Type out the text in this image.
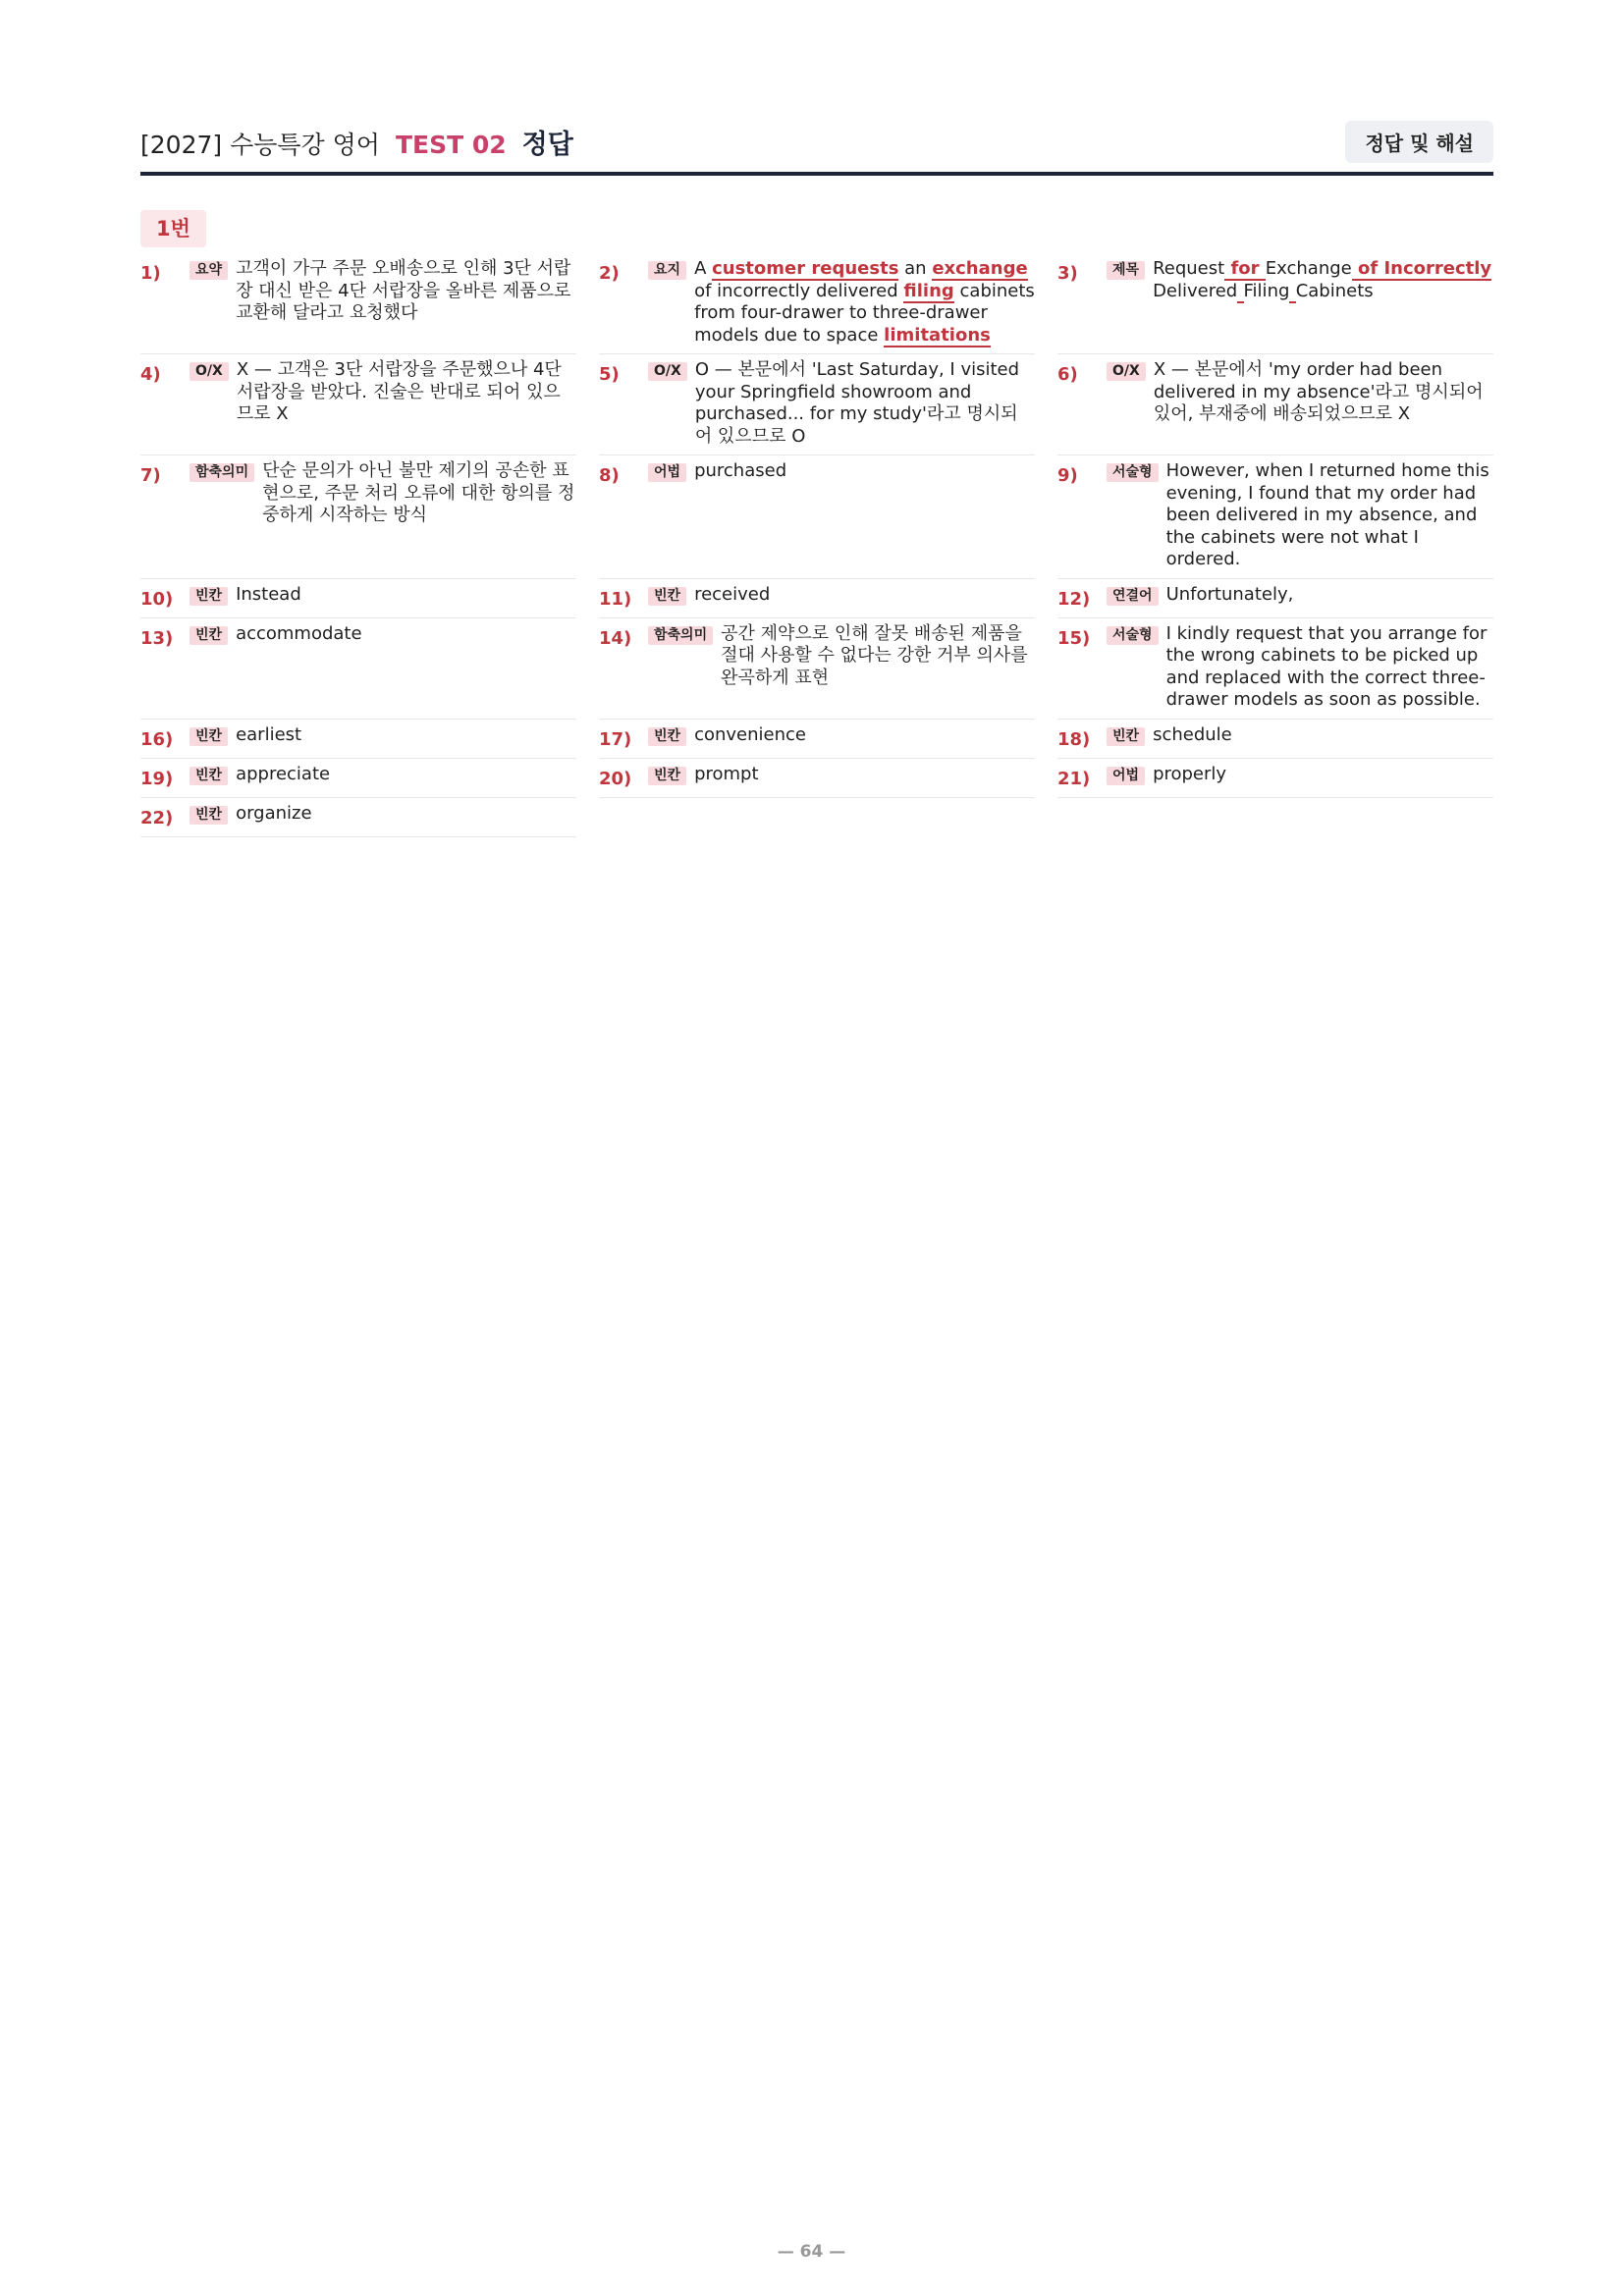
[2027] 수능특강 영어 TEST 02 정답	정답 및 해설
1번
1)	요약 고객이 가구 주문 오배송으로 인해 3단 서랍장 대신 받은 4단 서랍장을 올바른 제품으로 교환해 달라고 요청했다
2)	요지 A customer requests an exchange of incorrectly delivered filing cabinets from four-drawer to three-drawer models due to space limitations
3)	제목 Request for Exchange of Incorrectly Delivered Filing Cabinets
4)	O/X X — 고객은 3단 서랍장을 주문했으나 4단 서랍장을 받았다. 진술은 반대로 되어 있으므로 X
5)	O/X O — 본문에서 'Last Saturday, I visited your Springfield showroom and purchased... for my study'라고 명시되어 있으므로 O
6)	O/X X — 본문에서 'my order had been delivered in my absence'라고 명시되어 있어, 부재중에 배송되었으므로 X
7)	함축의미 단순 문의가 아닌 불만 제기의 공손한 표현으로, 주문 처리 오류에 대한 항의를 정중하게 시작하는 방식
8)	어법 purchased	9)	서술형 However, when I returned home this evening, I found that my order had been delivered in my absence, and the cabinets were not what I ordered.
10)	빈칸 Instead	11)	빈칸 received	12)	연결어 Unfortunately,
13)	빈칸 accommodate	14)	함축의미 공간 제약으로 인해 잘못 배송된 제품을 절대 사용할 수 없다는 강한 거부 의사를 완곡하게 표현
15)	서술형 I kindly request that you arrange for the wrong cabinets to be picked up and replaced with the correct three-drawer models as soon as possible.
16)	빈칸 earliest	17)	빈칸 convenience	18)	빈칸 schedule
19)	빈칸 appreciate	20)	빈칸 prompt	21)	어법 properly
22)	빈칸 organize
— 64 —
